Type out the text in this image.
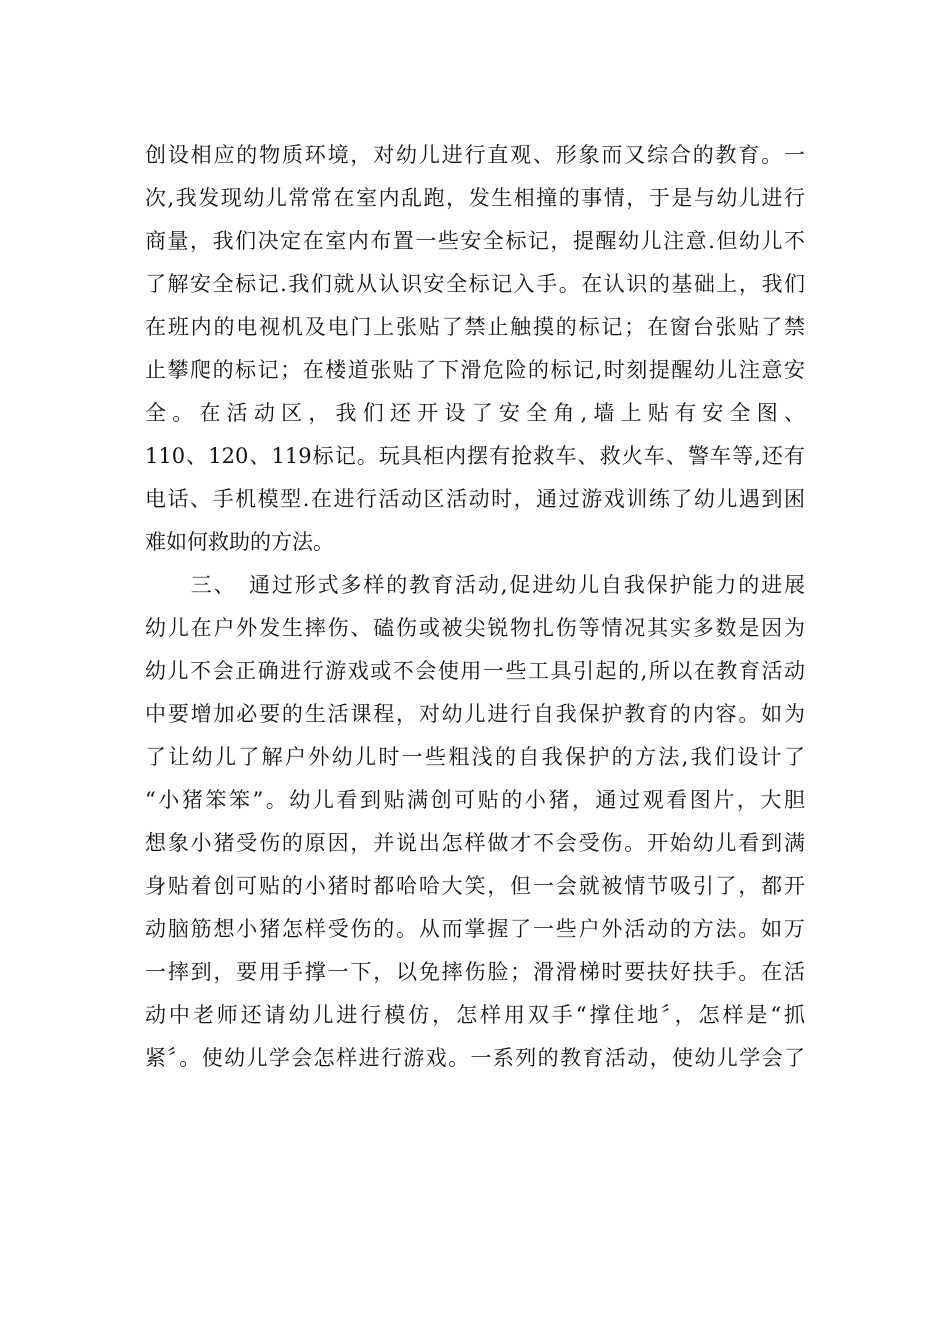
创设相应的物质环境，对幼儿进行直观、形象而又综合的教育。一
次,我发现幼儿常常在室内乱跑，发生相撞的事情，于是与幼儿进行
商量，我们决定在室内布置一些安全标记，提醒幼儿注意.但幼儿不
了解安全标记.我们就从认识安全标记入手。在认识的基础上，我们
在班内的电视机及电门上张贴了禁止触摸的标记；在窗台张贴了禁
止攀爬的标记；在楼道张贴了下滑危险的标记,时刻提醒幼儿注意安
全。在活动区，我们还开设了安全角,墙上贴有安全图、
110、120、119标记。玩具柜内摆有抢救车、救火车、警车等,还有
电话、手机模型.在进行活动区活动时，通过游戏训练了幼儿遇到困
难如何救助的方法。
　　三、　通过形式多样的教育活动,促进幼儿自我保护能力的进展
幼儿在户外发生摔伤、磕伤或被尖锐物扎伤等情况其实多数是因为
幼儿不会正确进行游戏或不会使用一些工具引起的,所以在教育活动
中要增加必要的生活课程，对幼儿进行自我保护教育的内容。如为
了让幼儿了解户外幼儿时一些粗浅的自我保护的方法,我们设计了
“小猪笨笨”。幼儿看到贴满创可贴的小猪，通过观看图片，大胆
想象小猪受伤的原因，并说出怎样做才不会受伤。开始幼儿看到满
身贴着创可贴的小猪时都哈哈大笑，但一会就被情节吸引了，都开
动脑筋想小猪怎样受伤的。从而掌握了一些户外活动的方法。如万
一摔到，要用手撑一下，以免摔伤脸；滑滑梯时要扶好扶手。在活
动中老师还请幼儿进行模仿，怎样用双手“撑住地〞，怎样是“抓
紧〞。使幼儿学会怎样进行游戏。一系列的教育活动，使幼儿学会了
